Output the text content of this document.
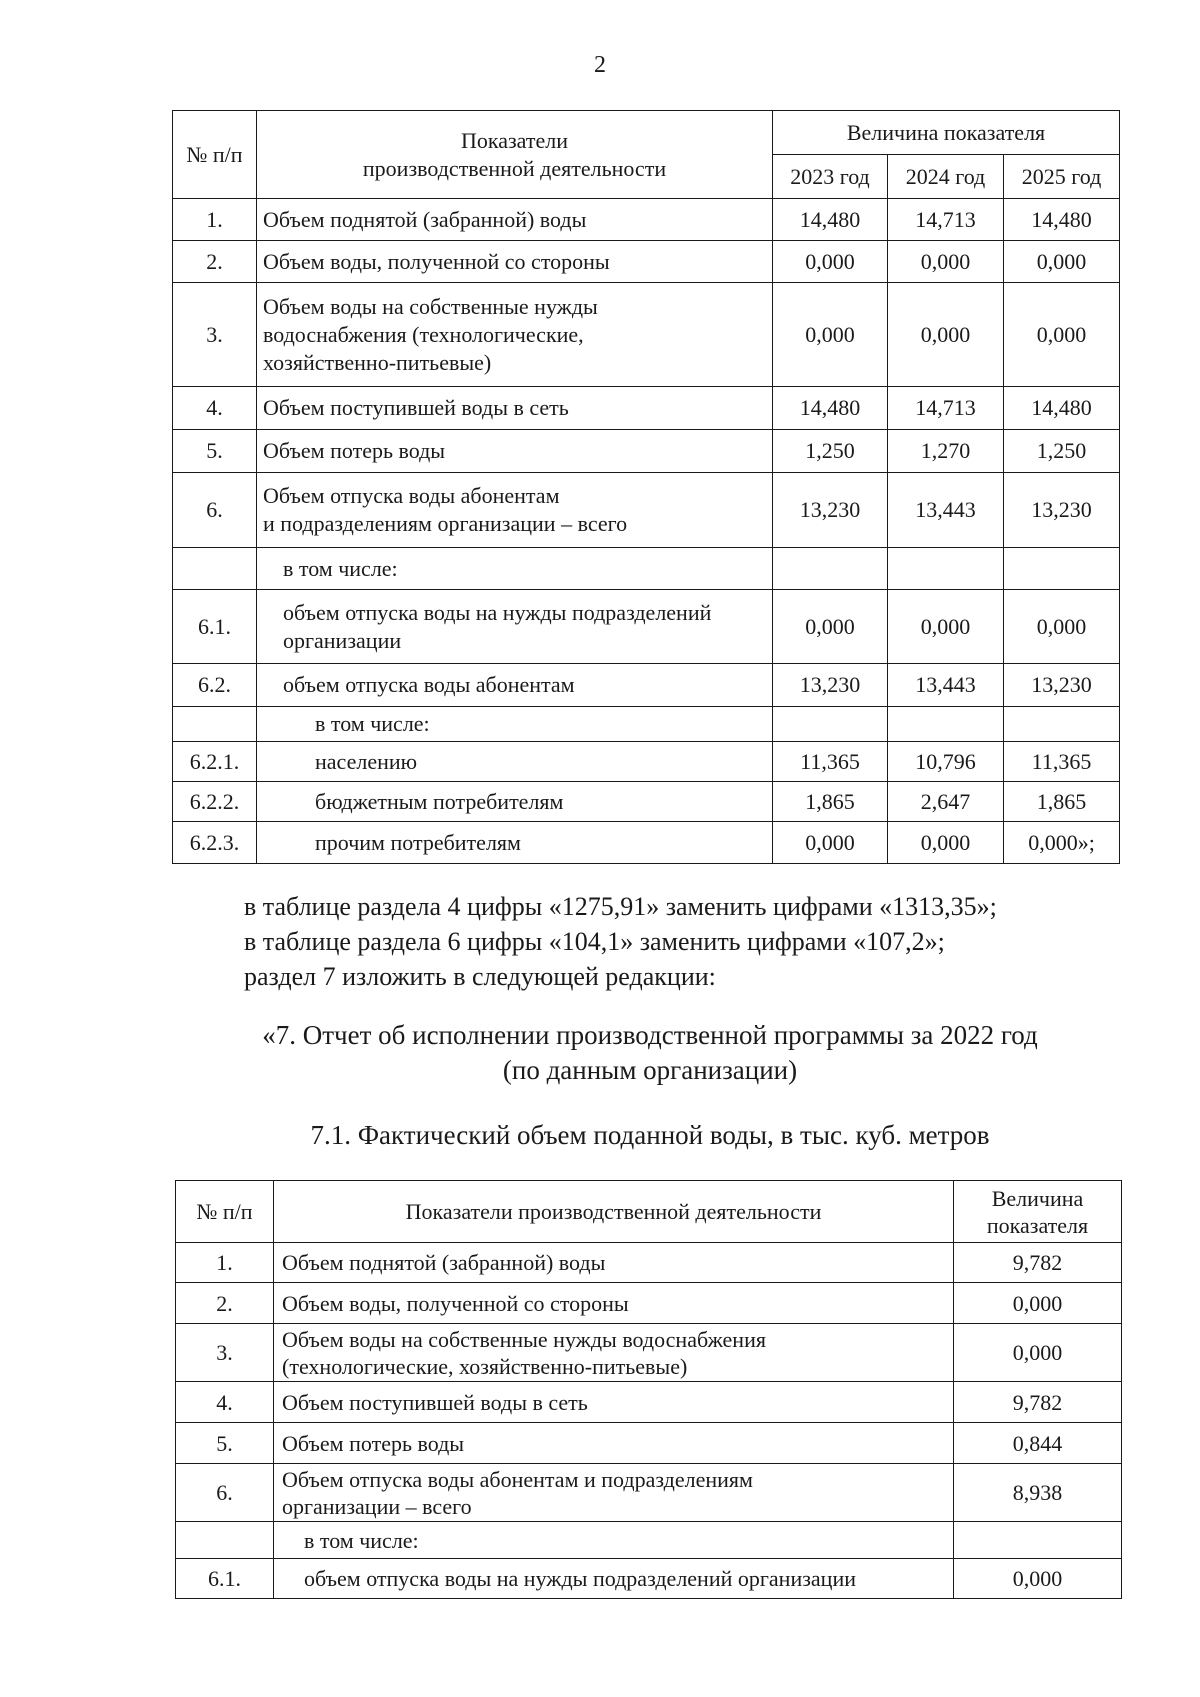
2
№ п/п	Показатели
производственной деятельности	Величина показателя		
		2023 год	2024 год	2025 год
1.	Объем поднятой (забранной) воды	14,480	14,713	14,480
2.	Объем воды, полученной со стороны	0,000	0,000	0,000
3.	Объем воды на собственные нужды
водоснабжения (технологические,
хозяйственно-питьевые)	0,000	0,000	0,000
4.	Объем поступившей воды в сеть	14,480	14,713	14,480
5.	Объем потерь воды	1,250	1,270	1,250
6.	Объем отпуска воды абонентам
и подразделениям организации – всего	13,230	13,443	13,230
	в том числе:			
6.1.	объем отпуска воды на нужды подразделений
организации	0,000	0,000	0,000
6.2.	объем отпуска воды абонентам	13,230	13,443	13,230
	в том числе:			
6.2.1.	населению	11,365	10,796	11,365
6.2.2.	бюджетным потребителям	1,865	2,647	1,865
6.2.3.	прочим потребителям	0,000	0,000	0,000»;
в таблице раздела 4 цифры «1275,91» заменить цифрами «1313,35»;
в таблице раздела 6 цифры «104,1» заменить цифрами «107,2»;
раздел 7 изложить в следующей редакции:
«7. Отчет об исполнении производственной программы за 2022 год
(по данным организации)
7.1. Фактический объем поданной воды, в тыс. куб. метров
№ п/п	Показатели производственной деятельности	Величина
показателя

1.	Объем поднятой (забранной) воды	9,782
2.	Объем воды, полученной со стороны	0,000
3.	Объем воды на собственные нужды водоснабжения
(технологические, хозяйственно-питьевые)	0,000
4.	Объем поступившей воды в сеть	9,782
5.	Объем потерь воды	0,844
6.	Объем отпуска воды абонентам и подразделениям
организации – всего	8,938
	в том числе:	
6.1.	объем отпуска воды на нужды подразделений организации	0,000
